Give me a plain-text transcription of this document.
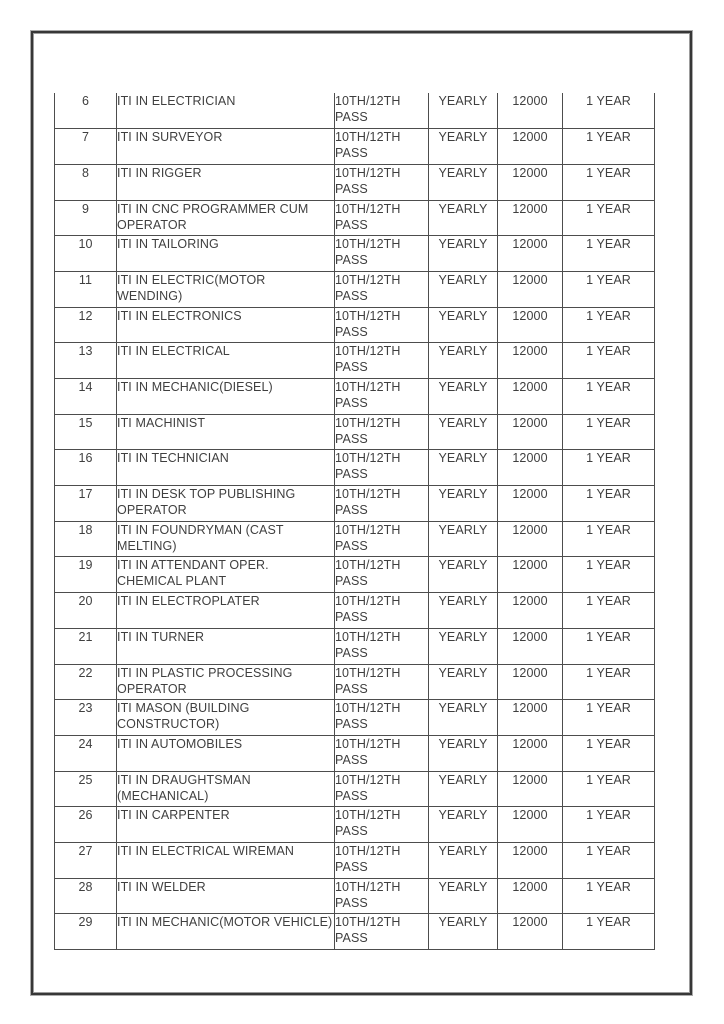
6	ITI IN ELECTRICIAN	10TH/12TH PASS	YEARLY	12000	1 YEAR
7	ITI IN SURVEYOR	10TH/12TH PASS	YEARLY	12000	1 YEAR
8	ITI IN RIGGER	10TH/12TH PASS	YEARLY	12000	1 YEAR
9	ITI IN CNC PROGRAMMER CUM OPERATOR	10TH/12TH PASS	YEARLY	12000	1 YEAR
10	ITI IN TAILORING	10TH/12TH PASS	YEARLY	12000	1 YEAR
11	ITI IN ELECTRIC(MOTOR WENDING)	10TH/12TH PASS	YEARLY	12000	1 YEAR
12	ITI IN ELECTRONICS	10TH/12TH PASS	YEARLY	12000	1 YEAR
13	ITI IN ELECTRICAL	10TH/12TH PASS	YEARLY	12000	1 YEAR
14	ITI IN MECHANIC(DIESEL)	10TH/12TH PASS	YEARLY	12000	1 YEAR
15	ITI MACHINIST	10TH/12TH PASS	YEARLY	12000	1 YEAR
16	ITI IN TECHNICIAN	10TH/12TH PASS	YEARLY	12000	1 YEAR
17	ITI IN DESK TOP PUBLISHING OPERATOR	10TH/12TH PASS	YEARLY	12000	1 YEAR
18	ITI IN FOUNDRYMAN (CAST MELTING)	10TH/12TH PASS	YEARLY	12000	1 YEAR
19	ITI IN ATTENDANT OPER. CHEMICAL PLANT	10TH/12TH PASS	YEARLY	12000	1 YEAR
20	ITI IN ELECTROPLATER	10TH/12TH PASS	YEARLY	12000	1 YEAR
21	ITI IN TURNER	10TH/12TH PASS	YEARLY	12000	1 YEAR
22	ITI IN PLASTIC PROCESSING OPERATOR	10TH/12TH PASS	YEARLY	12000	1 YEAR
23	ITI MASON (BUILDING CONSTRUCTOR)	10TH/12TH PASS	YEARLY	12000	1 YEAR
24	ITI IN AUTOMOBILES	10TH/12TH PASS	YEARLY	12000	1 YEAR
25	ITI IN DRAUGHTSMAN (MECHANICAL)	10TH/12TH PASS	YEARLY	12000	1 YEAR
26	ITI IN CARPENTER	10TH/12TH PASS	YEARLY	12000	1 YEAR
27	ITI IN ELECTRICAL WIREMAN	10TH/12TH PASS	YEARLY	12000	1 YEAR
28	ITI IN WELDER	10TH/12TH PASS	YEARLY	12000	1 YEAR
29	ITI IN MECHANIC(MOTOR VEHICLE)	10TH/12TH PASS	YEARLY	12000	1 YEAR
